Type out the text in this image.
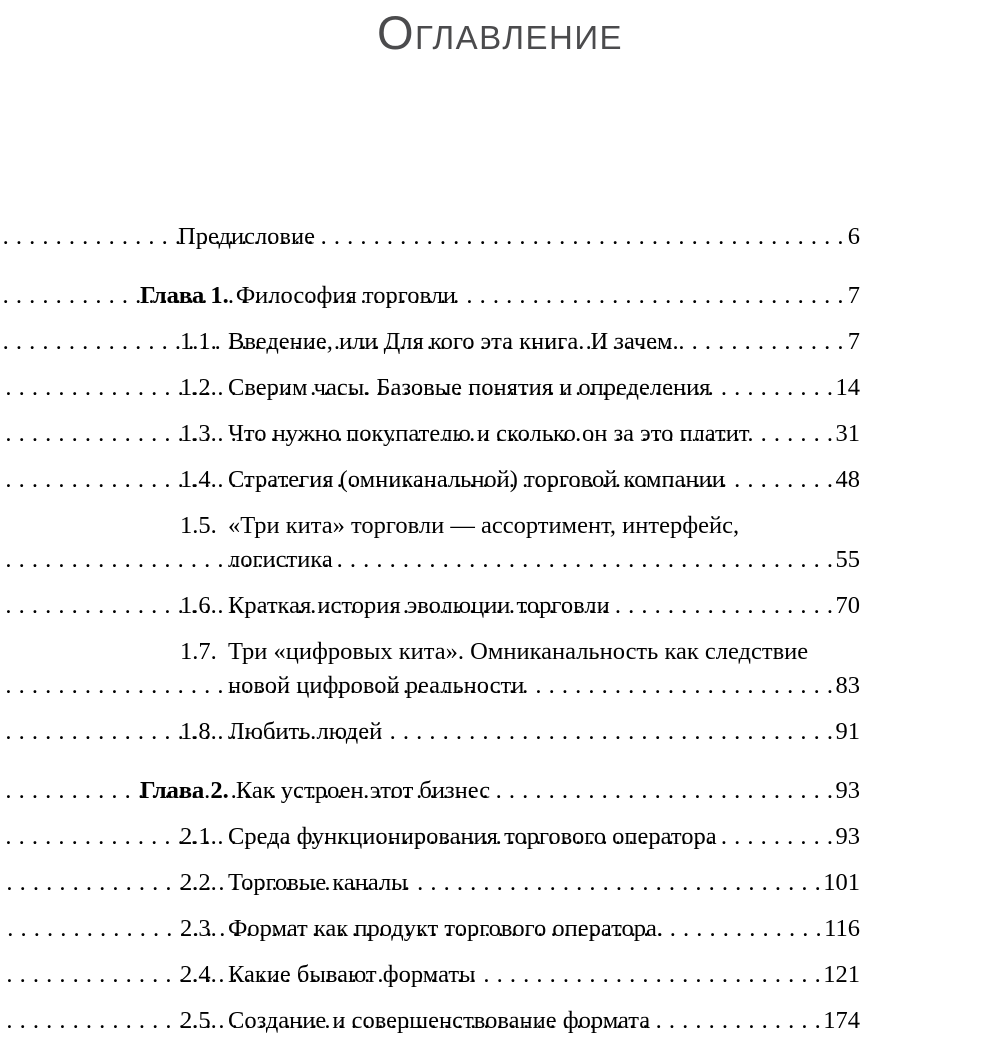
Оглавление
Предисловие . . .	6
Глава 1. Философия торговли . . .	7
1.1. Введение, или Для кого эта книга. И зачем. . . .	7
1.2. Сверим часы. Базовые понятия и определения . . .	14
1.3. Что нужно покупателю и сколько он за это платит . . .	31
1.4. Стратегия (омниканальной) торговой компании . . .	48
1.5. «Три кита» торговли — ассортимент, интерфейс,
логистика . . .	55
1.6. Краткая история эволюции торговли . . .	70
1.7. Три «цифровых кита». Омниканальность как следствие
новой цифровой реальности . . .	83
1.8. Любить людей . . .	91
Глава 2. Как устроен этот бизнес . . .	93
2.1. Среда функционирования торгового оператора . . .	93
2.2. Торговые каналы . . .	101
2.3. Формат как продукт торгового оператора. . . .	116
2.4. Какие бывают форматы . . .	121
2.5. Создание и совершенствование формата . . .	174
